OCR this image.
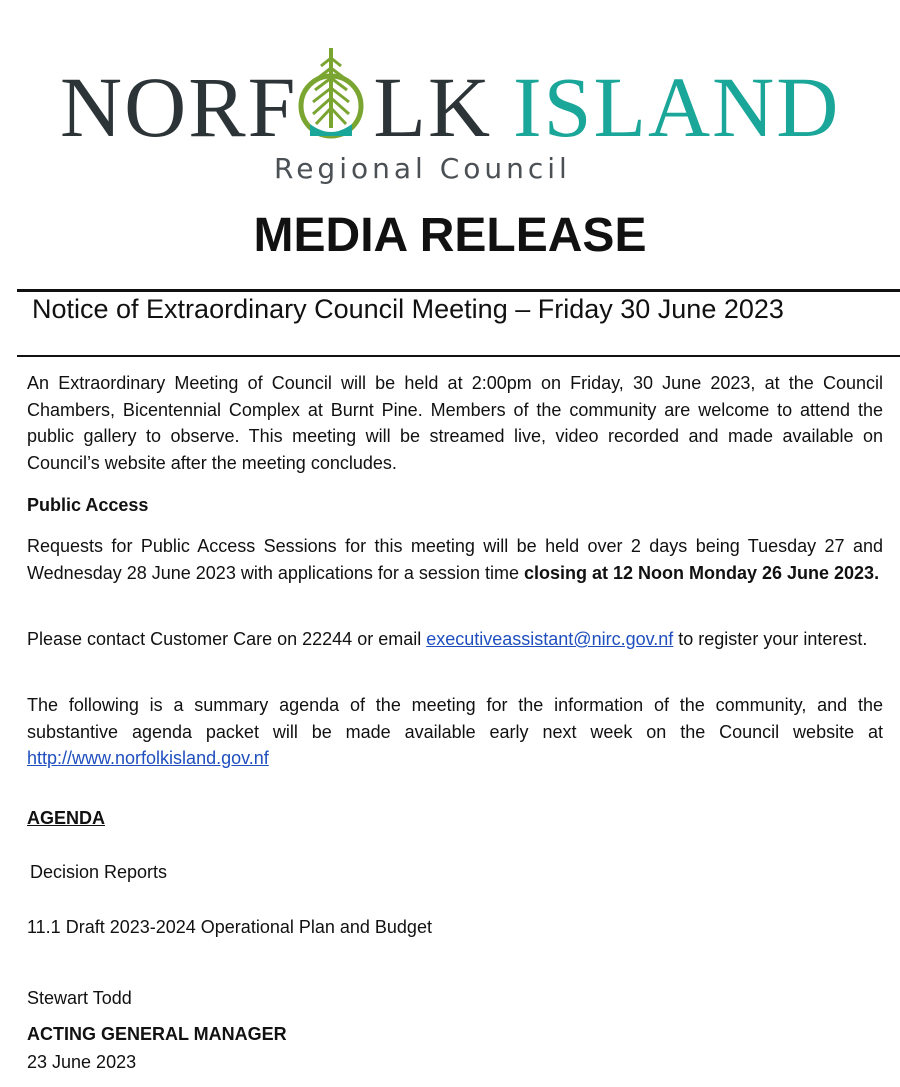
NORF LK ISLAND
Regional Council
MEDIA RELEASE
Notice of Extraordinary Council Meeting – Friday 30 June 2023

An Extraordinary Meeting of Council will be held at 2:00pm on Friday, 30 June 2023, at the Council Chambers, Bicentennial Complex at Burnt Pine. Members of the community are welcome to attend the public gallery to observe. This meeting will be streamed live, video recorded and made available on Council’s website after the meeting concludes.

Public Access

Requests for Public Access Sessions for this meeting will be held over 2 days being Tuesday 27 and Wednesday 28 June 2023 with applications for a session time closing at 12 Noon Monday 26 June 2023.

Please contact Customer Care on 22244 or email executiveassistant@nirc.gov.nf to register your interest.

The following is a summary agenda of the meeting for the information of the community, and the substantive agenda packet will be made available early next week on the Council website at http://www.norfolkisland.gov.nf

AGENDA

Decision Reports

11.1 Draft 2023-2024 Operational Plan and Budget

Stewart Todd

ACTING GENERAL MANAGER

23 June 2023
